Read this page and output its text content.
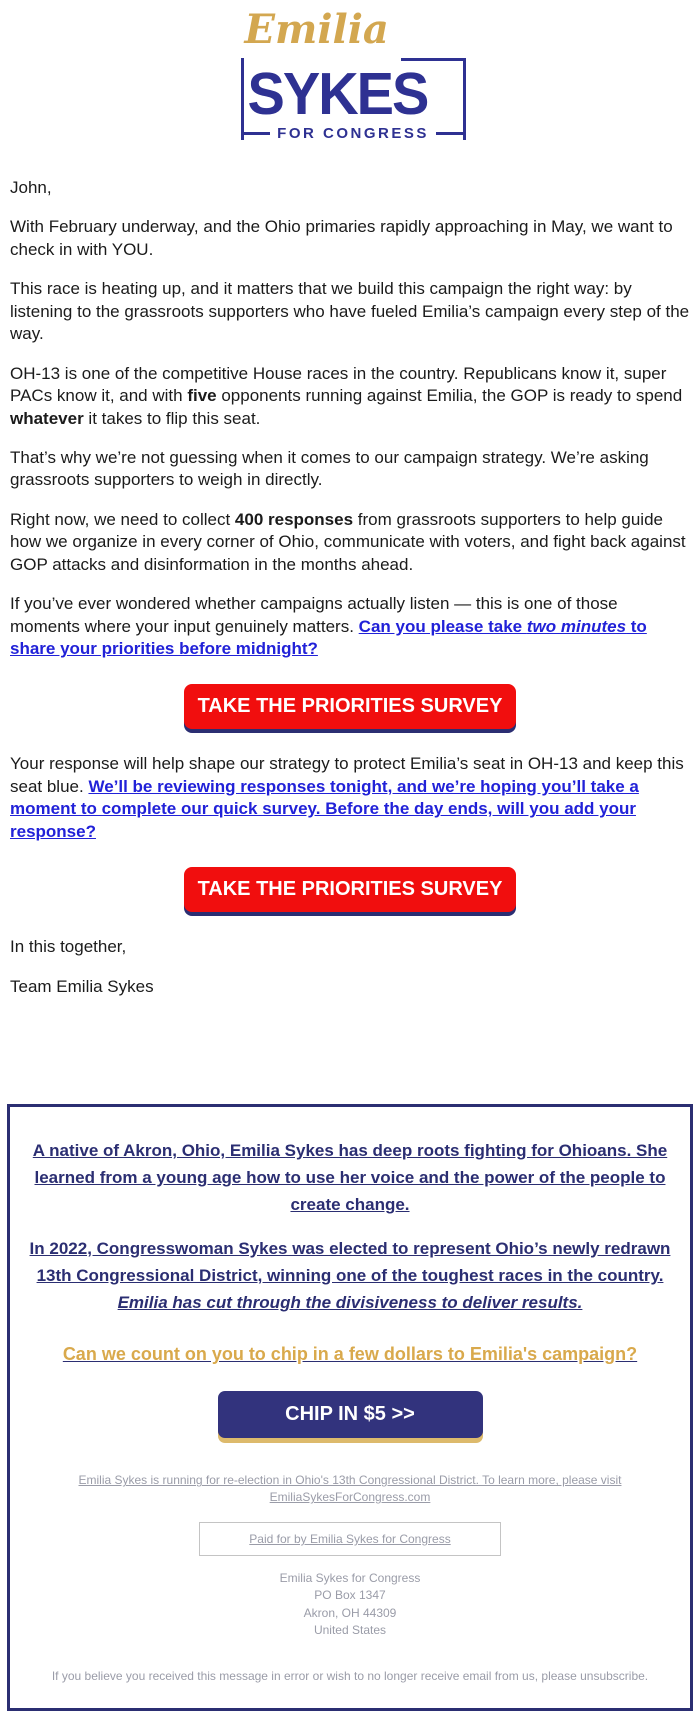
Emilia
SYKES
FOR CONGRESS

John,

With February underway, and the Ohio primaries rapidly approaching in May, we want to check in with YOU.

This race is heating up, and it matters that we build this campaign the right way: by listening to the grassroots supporters who have fueled Emilia’s campaign every step of the way.

OH-13 is one of the competitive House races in the country. Republicans know it, super PACs know it, and with five opponents running against Emilia, the GOP is ready to spend whatever it takes to flip this seat.

That’s why we’re not guessing when it comes to our campaign strategy. We’re asking grassroots supporters to weigh in directly.

Right now, we need to collect 400 responses from grassroots supporters to help guide how we organize in every corner of Ohio, communicate with voters, and fight back against GOP attacks and disinformation in the months ahead.

If you’ve ever wondered whether campaigns actually listen — this is one of those moments where your input genuinely matters. Can you please take two minutes to share your priorities before midnight?

TAKE THE PRIORITIES SURVEY

Your response will help shape our strategy to protect Emilia’s seat in OH-13 and keep this seat blue. We’ll be reviewing responses tonight, and we’re hoping you’ll take a moment to complete our quick survey. Before the day ends, will you add your response?

TAKE THE PRIORITIES SURVEY

In this together,

Team Emilia Sykes

A native of Akron, Ohio, Emilia Sykes has deep roots fighting for Ohioans. She learned from a young age how to use her voice and the power of the people to create change.

In 2022, Congresswoman Sykes was elected to represent Ohio’s newly redrawn 13th Congressional District, winning one of the toughest races in the country. Emilia has cut through the divisiveness to deliver results.

Can we count on you to chip in a few dollars to Emilia's campaign?
CHIP IN $5 >>
Emilia Sykes is running for re-election in Ohio's 13th Congressional District. To learn more, please visit EmiliaSykesForCongress.com
Paid for by Emilia Sykes for Congress
Emilia Sykes for Congress
PO Box 1347
Akron, OH 44309
United States
If you believe you received this message in error or wish to no longer receive email from us, please unsubscribe.
